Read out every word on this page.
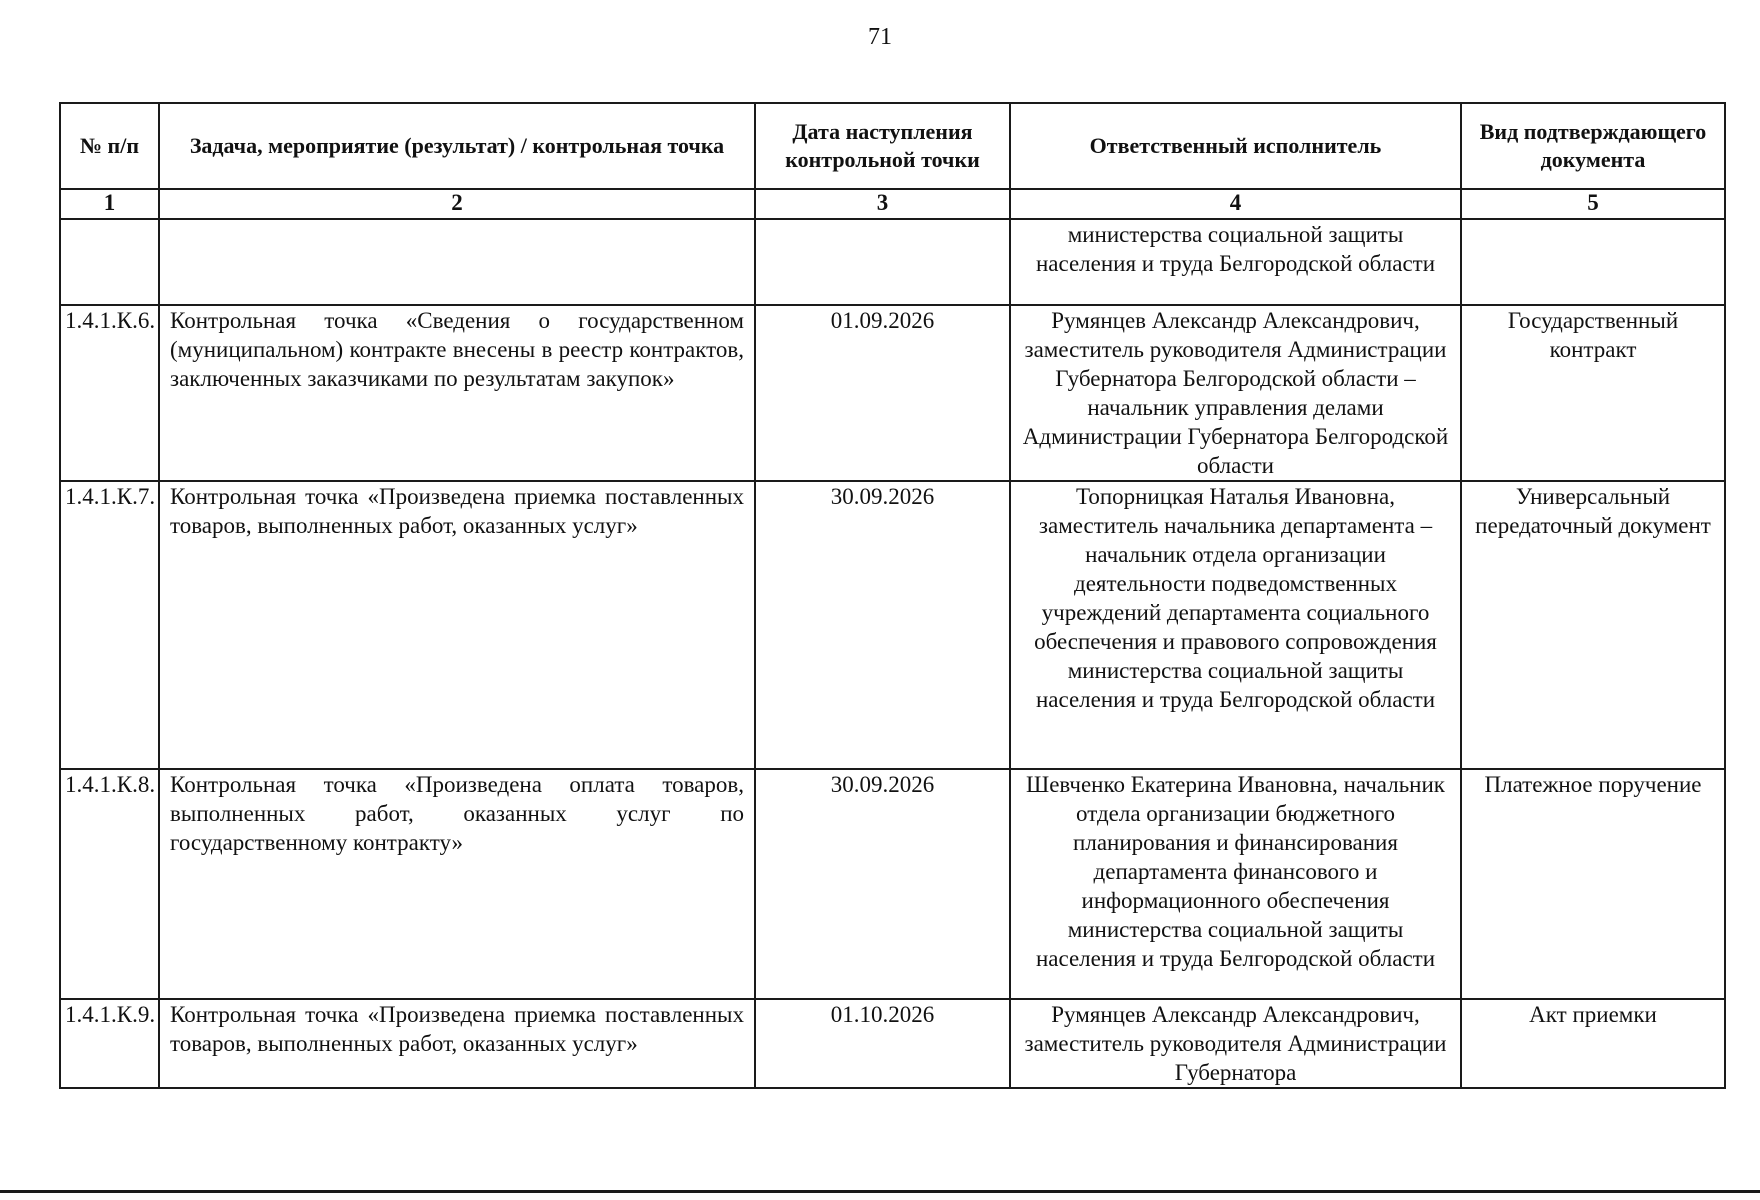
71
№ п/п	Задача, мероприятие (результат) / контрольная точка	Дата наступления контрольной точки	Ответственный исполнитель	Вид подтверждающего документа
1	2	3	4	5
			министерства социальной защиты населения и труда Белгородской области	
1.4.1.К.6.	Контрольная точка «Сведения о государственном (муниципальном) контракте внесены в реестр контрактов, заключенных заказчиками по результатам закупок»	01.09.2026	Румянцев Александр Александрович, заместитель руководителя Администрации Губернатора Белгородской области – начальник управления делами Администрации Губернатора Белгородской области	Государственный контракт
1.4.1.К.7.	Контрольная точка «Произведена приемка поставленных товаров, выполненных работ, оказанных услуг»	30.09.2026	Топорницкая Наталья Ивановна, заместитель начальника департамента – начальник отдела организации деятельности подведомственных учреждений департамента социального обеспечения и правового сопровождения министерства социальной защиты населения и труда Белгородской области	Универсальный передаточный документ
1.4.1.К.8.	Контрольная точка «Произведена оплата товаров, выполненных работ, оказанных услуг по государственному контракту»	30.09.2026	Шевченко Екатерина Ивановна, начальник отдела организации бюджетного планирования и финансирования департамента финансового и информационного обеспечения министерства социальной защиты населения и труда Белгородской области	Платежное поручение
1.4.1.К.9.	Контрольная точка «Произведена приемка поставленных товаров, выполненных работ, оказанных услуг»	01.10.2026	Румянцев Александр Александрович, заместитель руководителя Администрации Губернатора	Акт приемки
